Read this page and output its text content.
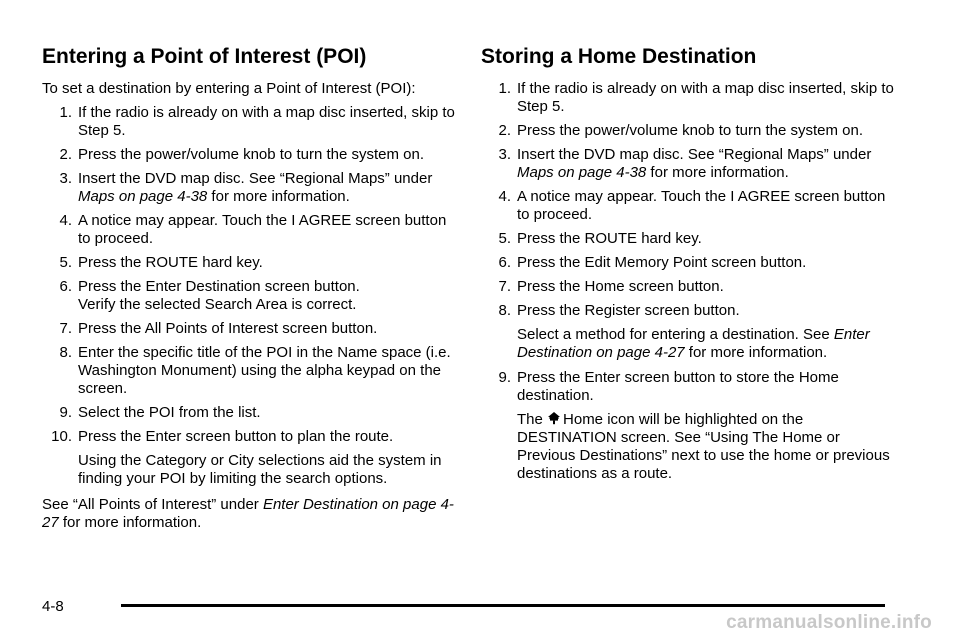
Entering a Point of Interest (POI)

To set a destination by entering a Point of Interest (POI):

1. If the radio is already on with a map disc inserted, skip to Step 5.
2. Press the power/volume knob to turn the system on.
3. Insert the DVD map disc. See “Regional Maps” under Maps on page 4-38 for more information.
4. A notice may appear. Touch the I AGREE screen button to proceed.
5. Press the ROUTE hard key.
6. Press the Enter Destination screen button.
Verify the selected Search Area is correct.
7. Press the All Points of Interest screen button.
8. Enter the specific title of the POI in the Name space (i.e. Washington Monument) using the alpha keypad on the screen.
9. Select the POI from the list.
10. Press the Enter screen button to plan the route.

Using the Category or City selections aid the system in finding your POI by limiting the search options.

See “All Points of Interest” under Enter Destination on page 4-27 for more information.

Storing a Home Destination
1. If the radio is already on with a map disc inserted, skip to Step 5.
2. Press the power/volume knob to turn the system on.
3. Insert the DVD map disc. See “Regional Maps” under Maps on page 4-38 for more information.
4. A notice may appear. Touch the I AGREE screen button to proceed.
5. Press the ROUTE hard key.
6. Press the Edit Memory Point screen button.
7. Press the Home screen button.
8. Press the Register screen button.

Select a method for entering a destination. See Enter Destination on page 4-27 for more information.

9. Press the Enter screen button to store the Home destination.

The Home icon will be highlighted on the DESTINATION screen. See “Using The Home or Previous Destinations” next to use the home or previous destinations as a route.

4-8
carmanualsonline.info
